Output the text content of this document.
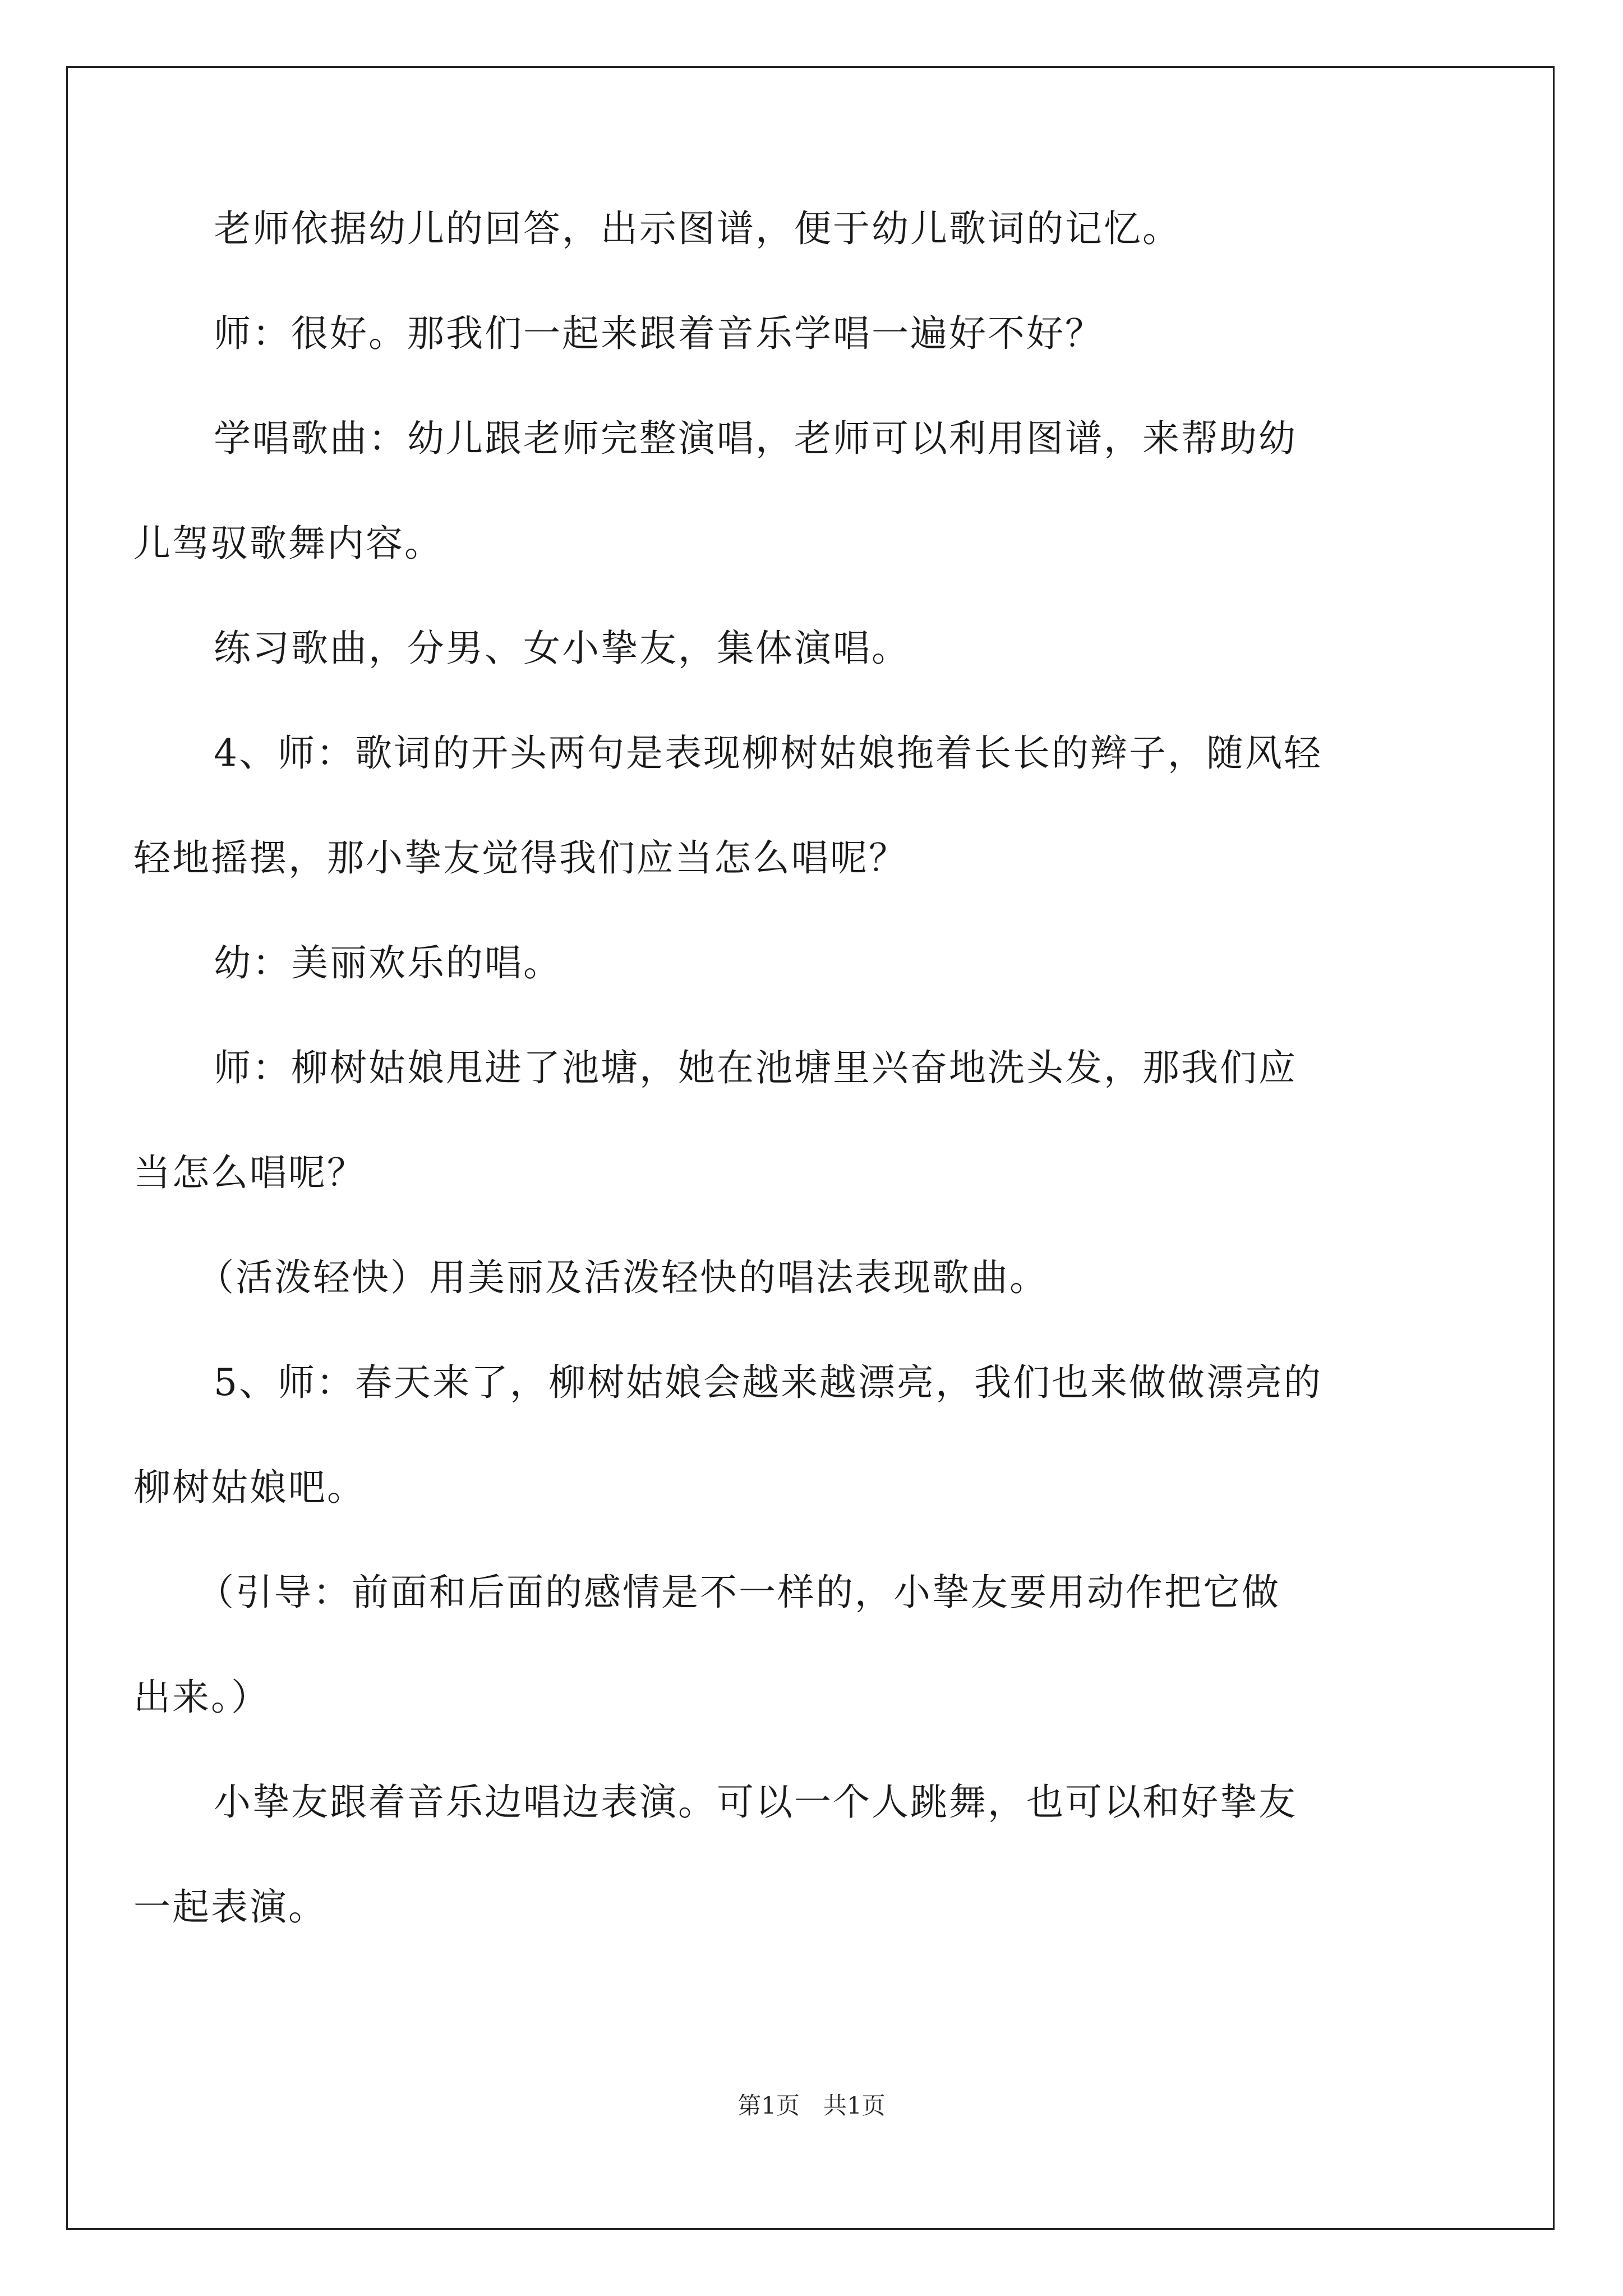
老师依据幼儿的回答，出示图谱，便于幼儿歌词的记忆。
师：很好。那我们一起来跟着音乐学唱一遍好不好？
学唱歌曲：幼儿跟老师完整演唱，老师可以利用图谱，来帮助幼
儿驾驭歌舞内容。
练习歌曲，分男、女小挚友，集体演唱。
4、师：歌词的开头两句是表现柳树姑娘拖着长长的辫子，随风轻
轻地摇摆，那小挚友觉得我们应当怎么唱呢？
幼：美丽欢乐的唱。
师：柳树姑娘甩进了池塘，她在池塘里兴奋地洗头发，那我们应
当怎么唱呢？
（活泼轻快）用美丽及活泼轻快的唱法表现歌曲。
5、师：春天来了，柳树姑娘会越来越漂亮，我们也来做做漂亮的
柳树姑娘吧。
（引导：前面和后面的感情是不一样的，小挚友要用动作把它做
出来。）
小挚友跟着音乐边唱边表演。可以一个人跳舞，也可以和好挚友
一起表演。
第1页　共1页
